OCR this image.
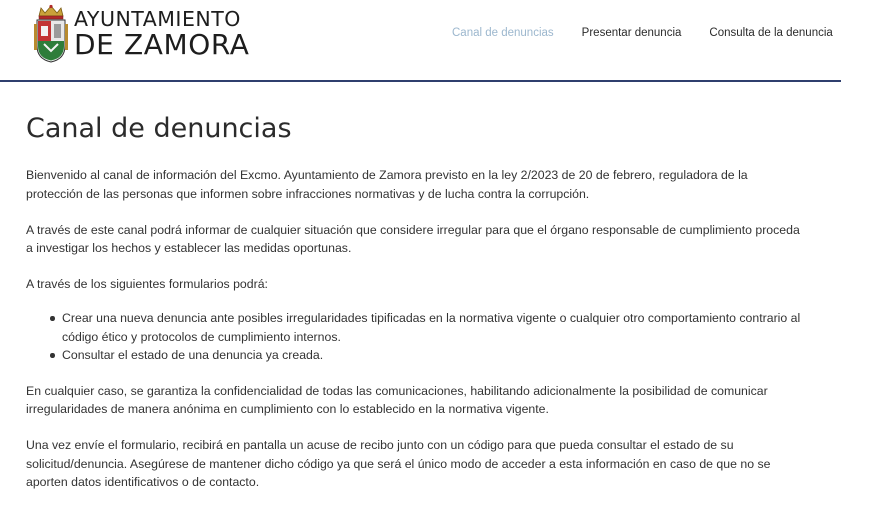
AYUNTAMIENTO
DE ZAMORA	Canal de denuncias Presentar denuncia Consulta de la denuncia
Canal de denuncias

Bienvenido al canal de información del Excmo. Ayuntamiento de Zamora previsto en la ley 2/2023 de 20 de febrero, reguladora de la protección de las personas que informen sobre infracciones normativas y de lucha contra la corrupción.

A través de este canal podrá informar de cualquier situación que considere irregular para que el órgano responsable de cumplimiento proceda a investigar los hechos y establecer las medidas oportunas.

A través de los siguientes formularios podrá:

Crear una nueva denuncia ante posibles irregularidades tipificadas en la normativa vigente o cualquier otro comportamiento contrario al código ético y protocolos de cumplimiento internos.
Consultar el estado de una denuncia ya creada.

En cualquier caso, se garantiza la confidencialidad de todas las comunicaciones, habilitando adicionalmente la posibilidad de comunicar irregularidades de manera anónima en cumplimiento con lo establecido en la normativa vigente.

Una vez envíe el formulario, recibirá en pantalla un acuse de recibo junto con un código para que pueda consultar el estado de su solicitud/denuncia. Asegúrese de mantener dicho código ya que será el único modo de acceder a esta información en caso de que no se aporten datos identificativos o de contacto.
